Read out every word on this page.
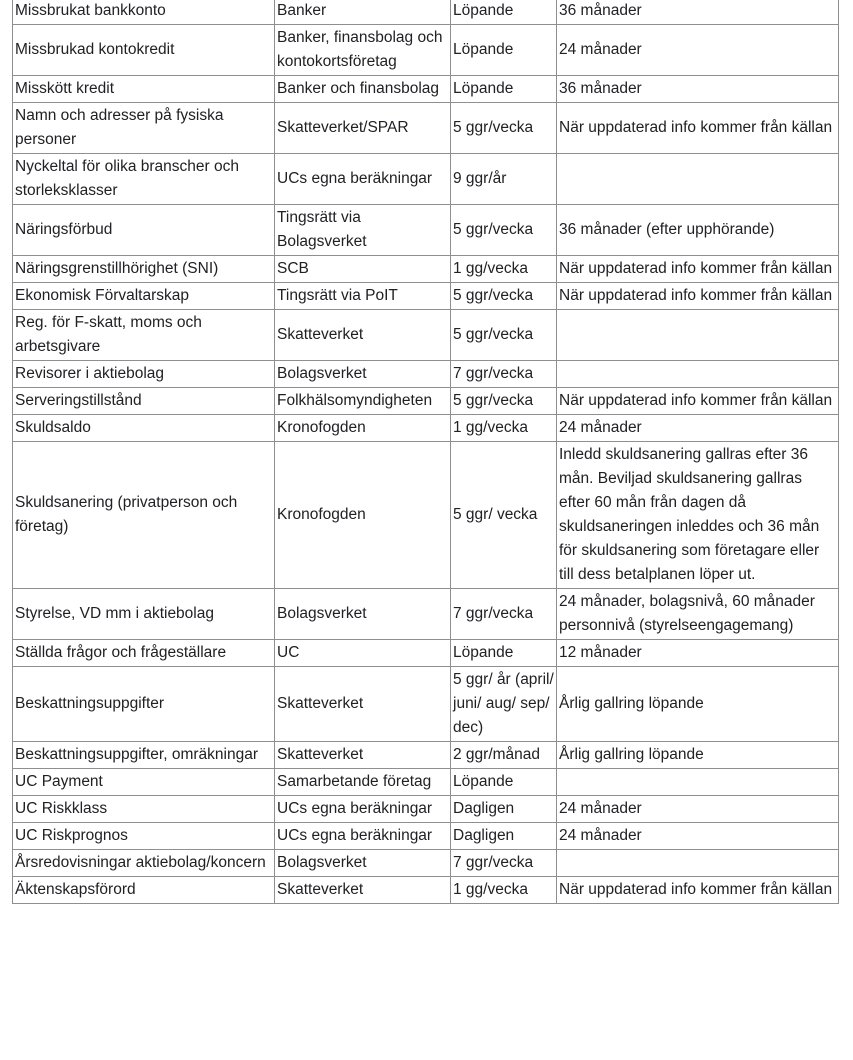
Missbrukat bankkonto	Banker	Löpande	36 månader
Missbrukad kontokredit	Banker, finansbolag och kontokortsföretag	Löpande	24 månader
Misskött kredit	Banker och finansbolag	Löpande	36 månader
Namn och adresser på fysiska personer	Skatteverket/SPAR	5 ggr/vecka	När uppdaterad info kommer från källan
Nyckeltal för olika branscher och storleksklasser	UCs egna beräkningar	9 ggr/år	
Näringsförbud	Tingsrätt via Bolagsverket	5 ggr/vecka	36 månader (efter upphörande)
Näringsgrenstillhörighet (SNI)	SCB	1 gg/vecka	När uppdaterad info kommer från källan
Ekonomisk Förvaltarskap	Tingsrätt via PoIT	5 ggr/vecka	När uppdaterad info kommer från källan
Reg. för F-skatt, moms och arbetsgivare	Skatteverket	5 ggr/vecka	
Revisorer i aktiebolag	Bolagsverket	7 ggr/vecka	
Serveringstillstånd	Folkhälsomyndigheten	5 ggr/vecka	När uppdaterad info kommer från källan
Skuldsaldo	Kronofogden	1 gg/vecka	24 månader
Skuldsanering (privatperson och företag)	Kronofogden	5 ggr/ vecka	Inledd skuldsanering gallras efter 36 mån. Beviljad skuldsanering gallras efter 60 mån från dagen då skuldsaneringen inleddes och 36 mån för skuldsanering som företagare eller till dess betalplanen löper ut.
Styrelse, VD mm i aktiebolag	Bolagsverket	7 ggr/vecka	24 månader, bolagsnivå, 60 månader personnivå (styrelseengagemang)
Ställda frågor och frågeställare	UC	Löpande	12 månader
Beskattningsuppgifter	Skatteverket	5 ggr/ år (april/ juni/ aug/ sep/ dec)	Årlig gallring löpande
Beskattningsuppgifter, omräkningar	Skatteverket	2 ggr/månad	Årlig gallring löpande
UC Payment	Samarbetande företag	Löpande	
UC Riskklass	UCs egna beräkningar	Dagligen	24 månader
UC Riskprognos	UCs egna beräkningar	Dagligen	24 månader
Årsredovisningar aktiebolag/koncern	Bolagsverket	7 ggr/vecka	
Äktenskapsförord	Skatteverket	1 gg/vecka	När uppdaterad info kommer från källan
